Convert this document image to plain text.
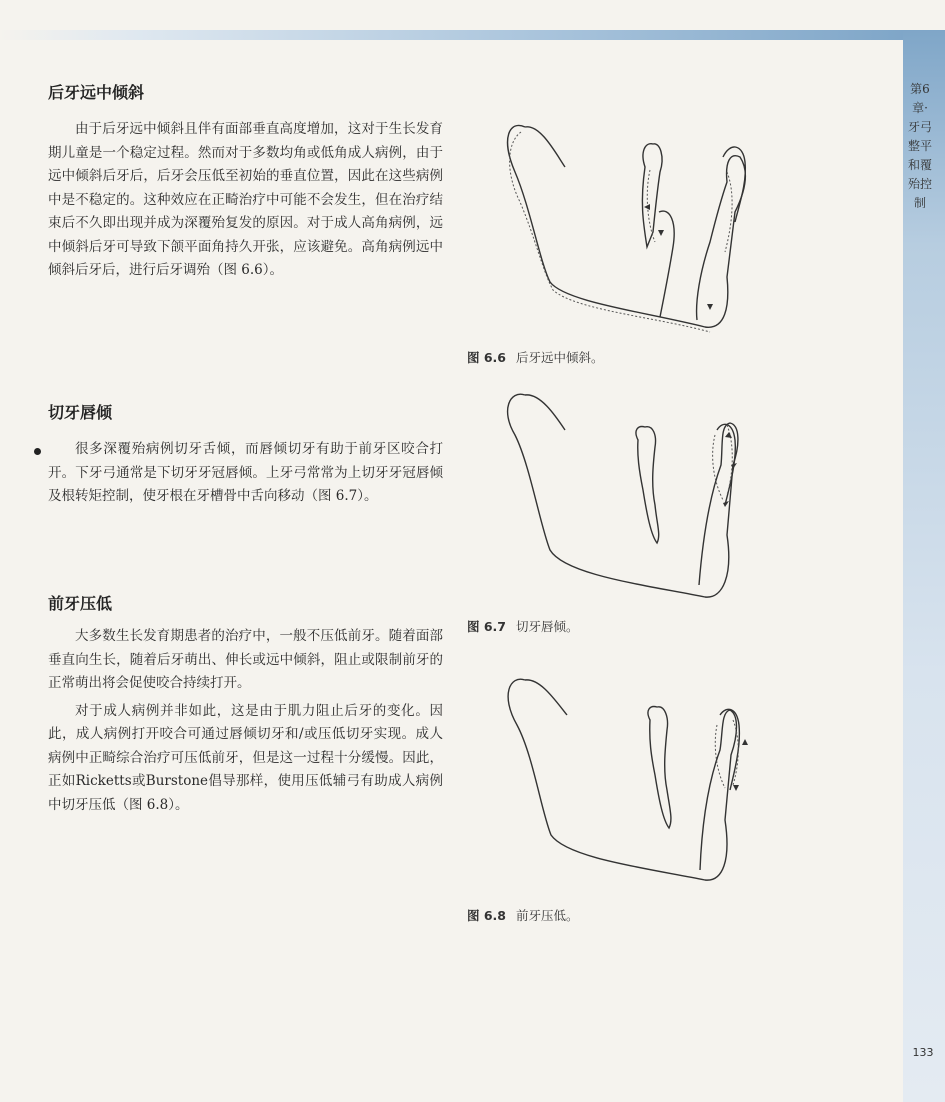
第6章·牙弓整平和覆殆控制
133
后牙远中倾斜

由于后牙远中倾斜且伴有面部垂直高度增加，这对于生长发育期儿童是一个稳定过程。然而对于多数均角或低角成人病例，由于远中倾斜后牙后，后牙会压低至初始的垂直位置，因此在这些病例中是不稳定的。这种效应在正畸治疗中可能不会发生，但在治疗结束后不久即出现并成为深覆殆复发的原因。对于成人高角病例，远中倾斜后牙可导致下颌平面角持久开张，应该避免。高角病例远中倾斜后牙后，进行后牙调殆（图 6.6）。

切牙唇倾

很多深覆殆病例切牙舌倾，而唇倾切牙有助于前牙区咬合打开。下牙弓通常是下切牙牙冠唇倾。上牙弓常常为上切牙牙冠唇倾及根转矩控制，使牙根在牙槽骨中舌向移动（图 6.7）。

前牙压低

大多数生长发育期患者的治疗中，一般不压低前牙。随着面部垂直向生长，随着后牙萌出、伸长或远中倾斜，阻止或限制前牙的正常萌出将会促使咬合持续打开。

对于成人病例并非如此，这是由于肌力阻止后牙的变化。因此，成人病例打开咬合可通过唇倾切牙和/或压低切牙实现。成人病例中正畸综合治疗可压低前牙，但是这一过程十分缓慢。因此，正如Ricketts或Burstone倡导那样，使用压低辅弓有助成人病例中切牙压低（图 6.8）。

图 6.6 后牙远中倾斜。
图 6.7 切牙唇倾。
图 6.8 前牙压低。
